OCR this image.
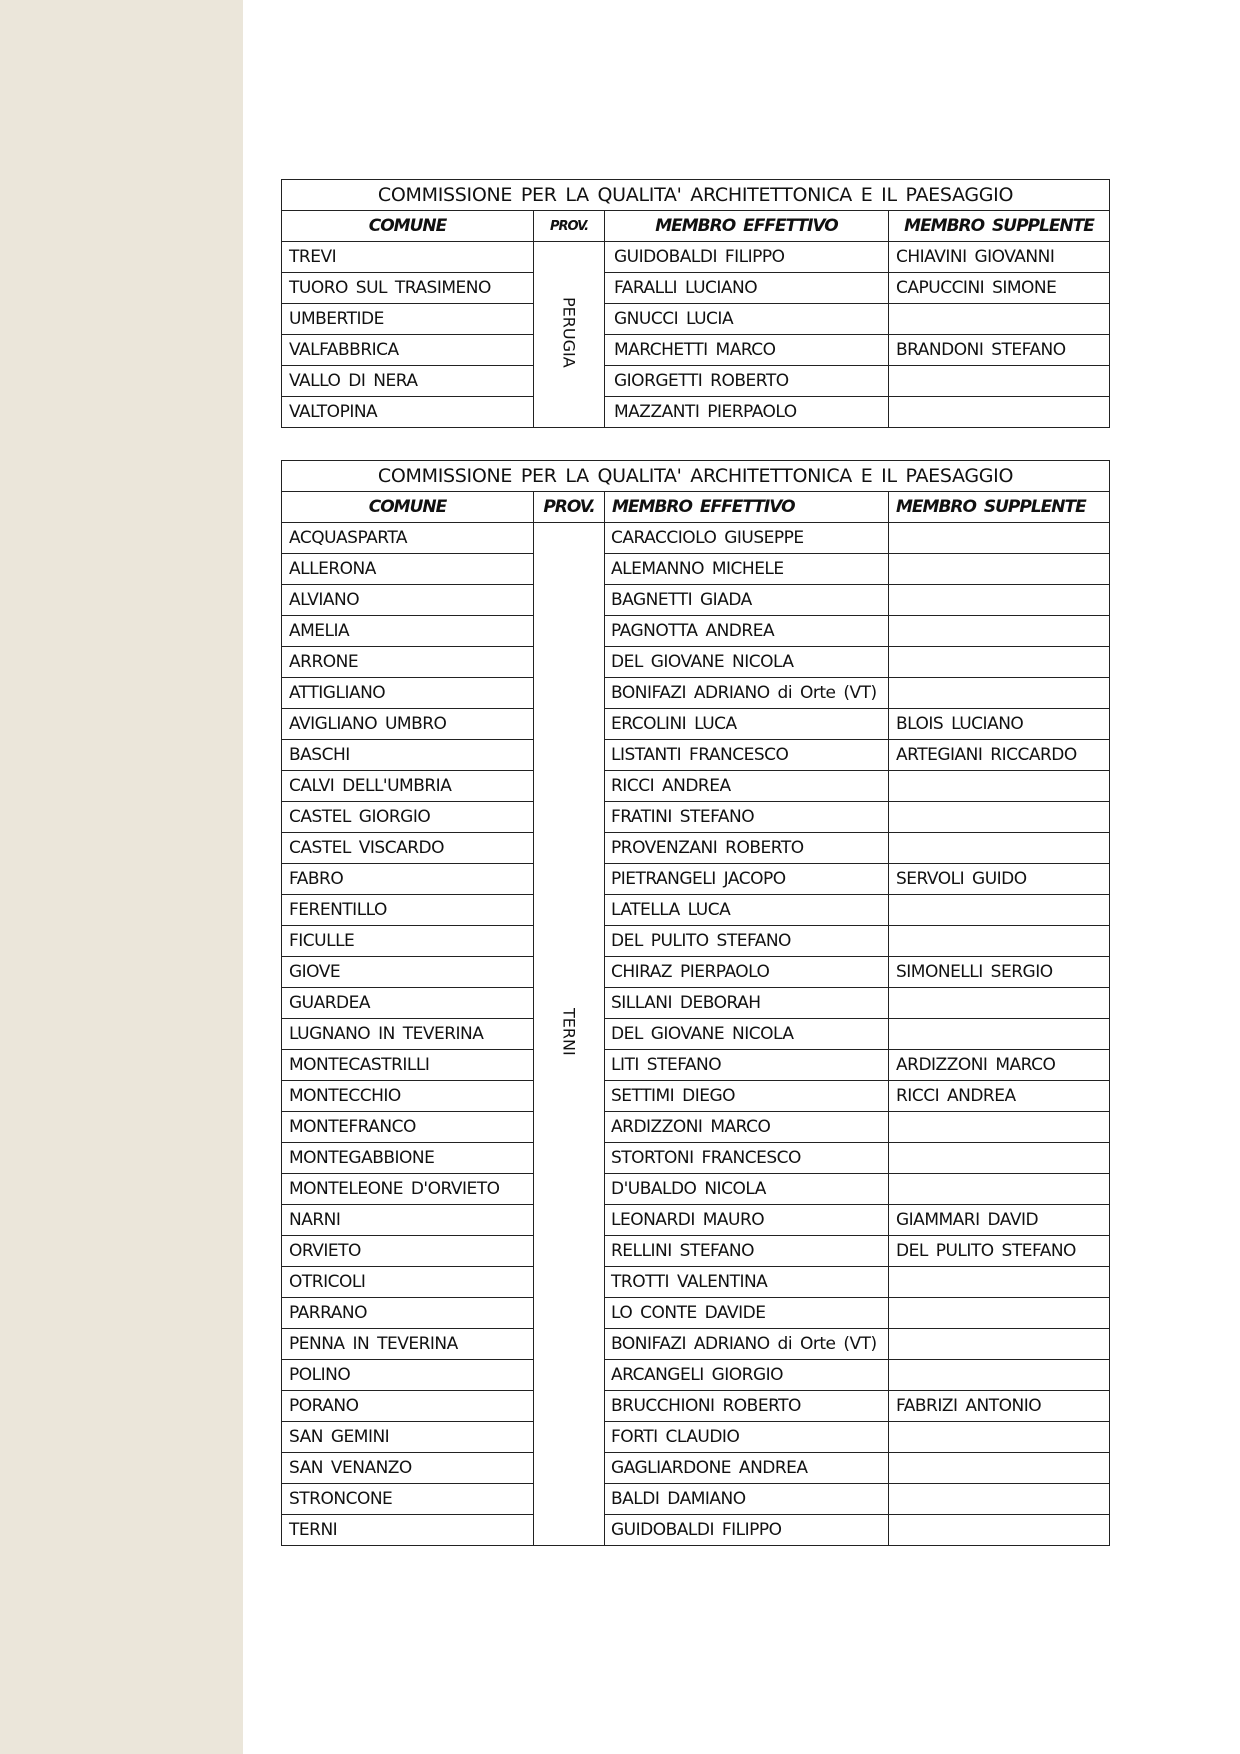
COMMISSIONE PER LA QUALITA' ARCHITETTONICA E IL PAESAGGIO			
COMUNE	PROV.	MEMBRO EFFETTIVO	MEMBRO SUPPLENTE
TREVI	PERUGIA	GUIDOBALDI FILIPPO	CHIAVINI GIOVANNI
TUORO SUL TRASIMENO		FARALLI LUCIANO	CAPUCCINI SIMONE
UMBERTIDE		GNUCCI LUCIA	
VALFABBRICA		MARCHETTI MARCO	BRANDONI STEFANO
VALLO DI NERA		GIORGETTI ROBERTO	
VALTOPINA		MAZZANTI PIERPAOLO	
COMMISSIONE PER LA QUALITA' ARCHITETTONICA E IL PAESAGGIO			
COMUNE	PROV.	MEMBRO EFFETTIVO	MEMBRO SUPPLENTE
ACQUASPARTA	TERNI	CARACCIOLO GIUSEPPE	
ALLERONA		ALEMANNO MICHELE	
ALVIANO		BAGNETTI GIADA	
AMELIA		PAGNOTTA ANDREA	
ARRONE		DEL GIOVANE NICOLA	
ATTIGLIANO		BONIFAZI ADRIANO di Orte (VT)	
AVIGLIANO UMBRO		ERCOLINI LUCA	BLOIS LUCIANO
BASCHI		LISTANTI FRANCESCO	ARTEGIANI RICCARDO
CALVI DELL'UMBRIA		RICCI ANDREA	
CASTEL GIORGIO		FRATINI STEFANO	
CASTEL VISCARDO		PROVENZANI ROBERTO	
FABRO		PIETRANGELI JACOPO	SERVOLI GUIDO
FERENTILLO		LATELLA LUCA	
FICULLE		DEL PULITO STEFANO	
GIOVE		CHIRAZ PIERPAOLO	SIMONELLI SERGIO
GUARDEA		SILLANI DEBORAH	
LUGNANO IN TEVERINA		DEL GIOVANE NICOLA	
MONTECASTRILLI		LITI STEFANO	ARDIZZONI MARCO
MONTECCHIO		SETTIMI DIEGO	RICCI ANDREA
MONTEFRANCO		ARDIZZONI MARCO	
MONTEGABBIONE		STORTONI FRANCESCO	
MONTELEONE D'ORVIETO		D'UBALDO NICOLA	
NARNI		LEONARDI MAURO	GIAMMARI DAVID
ORVIETO		RELLINI STEFANO	DEL PULITO STEFANO
OTRICOLI		TROTTI VALENTINA	
PARRANO		LO CONTE DAVIDE	
PENNA IN TEVERINA		BONIFAZI ADRIANO di Orte (VT)	
POLINO		ARCANGELI GIORGIO	
PORANO		BRUCCHIONI ROBERTO	FABRIZI ANTONIO
SAN GEMINI		FORTI CLAUDIO	
SAN VENANZO		GAGLIARDONE ANDREA	
STRONCONE		BALDI DAMIANO	
TERNI		GUIDOBALDI FILIPPO	
